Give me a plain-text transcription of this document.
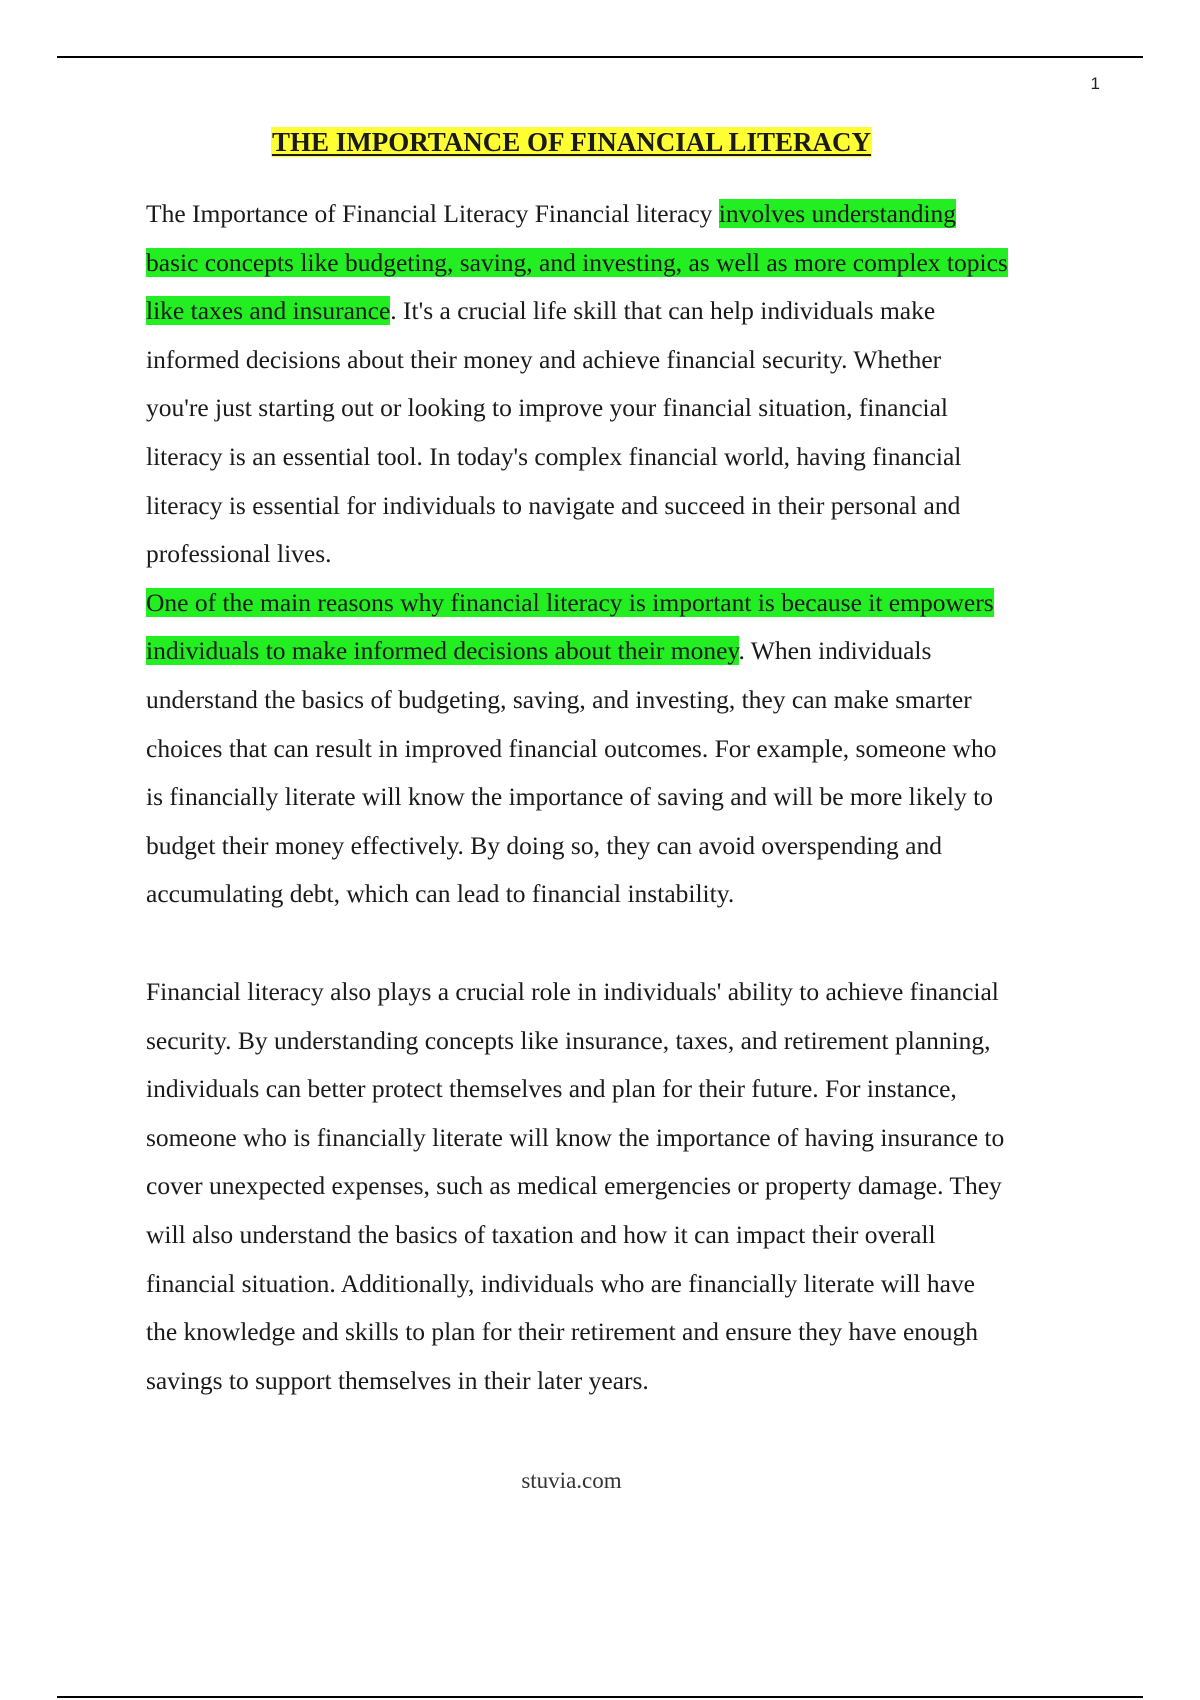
1
THE IMPORTANCE OF FINANCIAL LITERACY
The Importance of Financial Literacy Financial literacy involves understanding
basic concepts like budgeting, saving, and investing, as well as more complex topics
like taxes and insurance. It's a crucial life skill that can help individuals make
informed decisions about their money and achieve financial security. Whether
you're just starting out or looking to improve your financial situation, financial
literacy is an essential tool. In today's complex financial world, having financial
literacy is essential for individuals to navigate and succeed in their personal and
professional lives.
One of the main reasons why financial literacy is important is because it empowers
individuals to make informed decisions about their money. When individuals
understand the basics of budgeting, saving, and investing, they can make smarter
choices that can result in improved financial outcomes. For example, someone who
is financially literate will know the importance of saving and will be more likely to
budget their money effectively. By doing so, they can avoid overspending and
accumulating debt, which can lead to financial instability.
Financial literacy also plays a crucial role in individuals' ability to achieve financial
security. By understanding concepts like insurance, taxes, and retirement planning,
individuals can better protect themselves and plan for their future. For instance,
someone who is financially literate will know the importance of having insurance to
cover unexpected expenses, such as medical emergencies or property damage. They
will also understand the basics of taxation and how it can impact their overall
financial situation. Additionally, individuals who are financially literate will have
the knowledge and skills to plan for their retirement and ensure they have enough
savings to support themselves in their later years.
stuvia.com
